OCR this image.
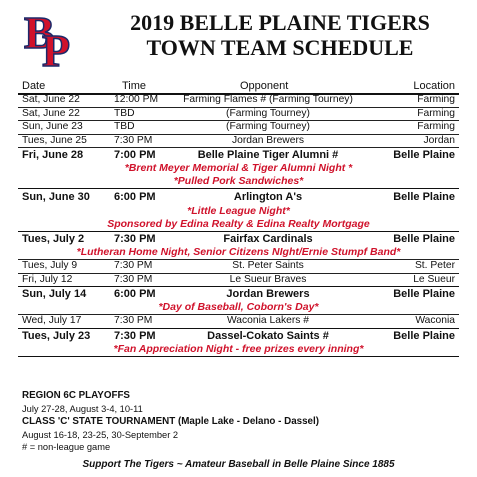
B
P
2019 BELLE PLAINE TIGERS
TOWN TEAM SCHEDULE
Date	Time	Opponent	Location
Sat, June 22	12:00 PM	Farming Flames # (Farming Tourney)	Farming
Sat, June 22	TBD	(Farming Tourney)	Farming
Sun, June 23	TBD	(Farming Tourney)	Farming
Tues, June 25	7:30 PM	Jordan Brewers	Jordan
Fri, June 28	7:00 PM	Belle Plaine Tiger Alumni #	Belle Plaine
*Brent Meyer Memorial & Tiger Alumni Night *
*Pulled Pork Sandwiches*
Sun, June 30 6:00 PM	Arlington A's	Belle Plaine
*Little League Night*
Sponsored by Edina Realty & Edina Realty Mortgage
Tues, July 2	7:30 PM	Fairfax Cardinals	Belle Plaine
*Lutheran Home Night, Senior Citizens NIght/Ernie Stumpf Band*
Tues, July 9	7:30 PM	St. Peter Saints	St. Peter
Fri, July 12	7:30 PM	Le Sueur Braves	Le Sueur
Sun, July 14	6:00 PM	Jordan Brewers	Belle Plaine
*Day of Baseball, Coborn's Day*
Wed, July 17	7:30 PM	Waconia Lakers #	Waconia
Tues, July 23 7:30 PM	Dassel-Cokato Saints #	Belle Plaine
*Fan Appreciation Night - free prizes every inning*
REGION 6C PLAYOFFS
July 27-28, August 3-4, 10-11
CLASS 'C' STATE TOURNAMENT (Maple Lake - Delano - Dassel)
August 16-18, 23-25, 30-September 2
# = non-league game
Support The Tigers ~ Amateur Baseball in Belle Plaine Since 1885
